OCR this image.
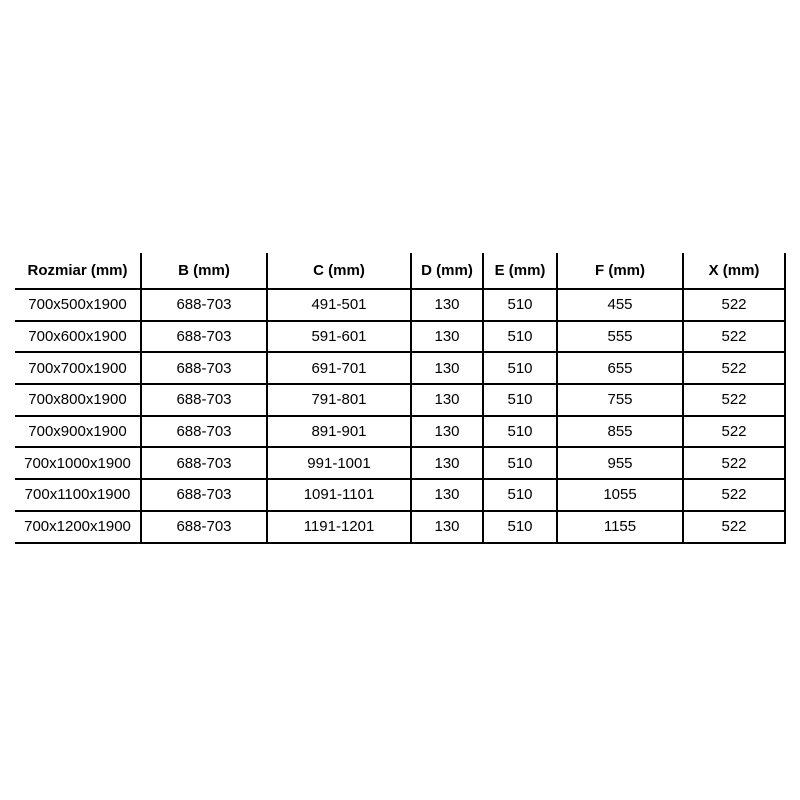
Rozmiar (mm)	B (mm)	C (mm)	D (mm)	E (mm)	F (mm)	X (mm)
700x500x1900	688-703	491-501	130	510	455	522
700x600x1900	688-703	591-601	130	510	555	522
700x700x1900	688-703	691-701	130	510	655	522
700x800x1900	688-703	791-801	130	510	755	522
700x900x1900	688-703	891-901	130	510	855	522
700x1000x1900	688-703	991-1001	130	510	955	522
700x1100x1900	688-703	1091-1101	130	510	1055	522
700x1200x1900	688-703	1191-1201	130	510	1155	522
